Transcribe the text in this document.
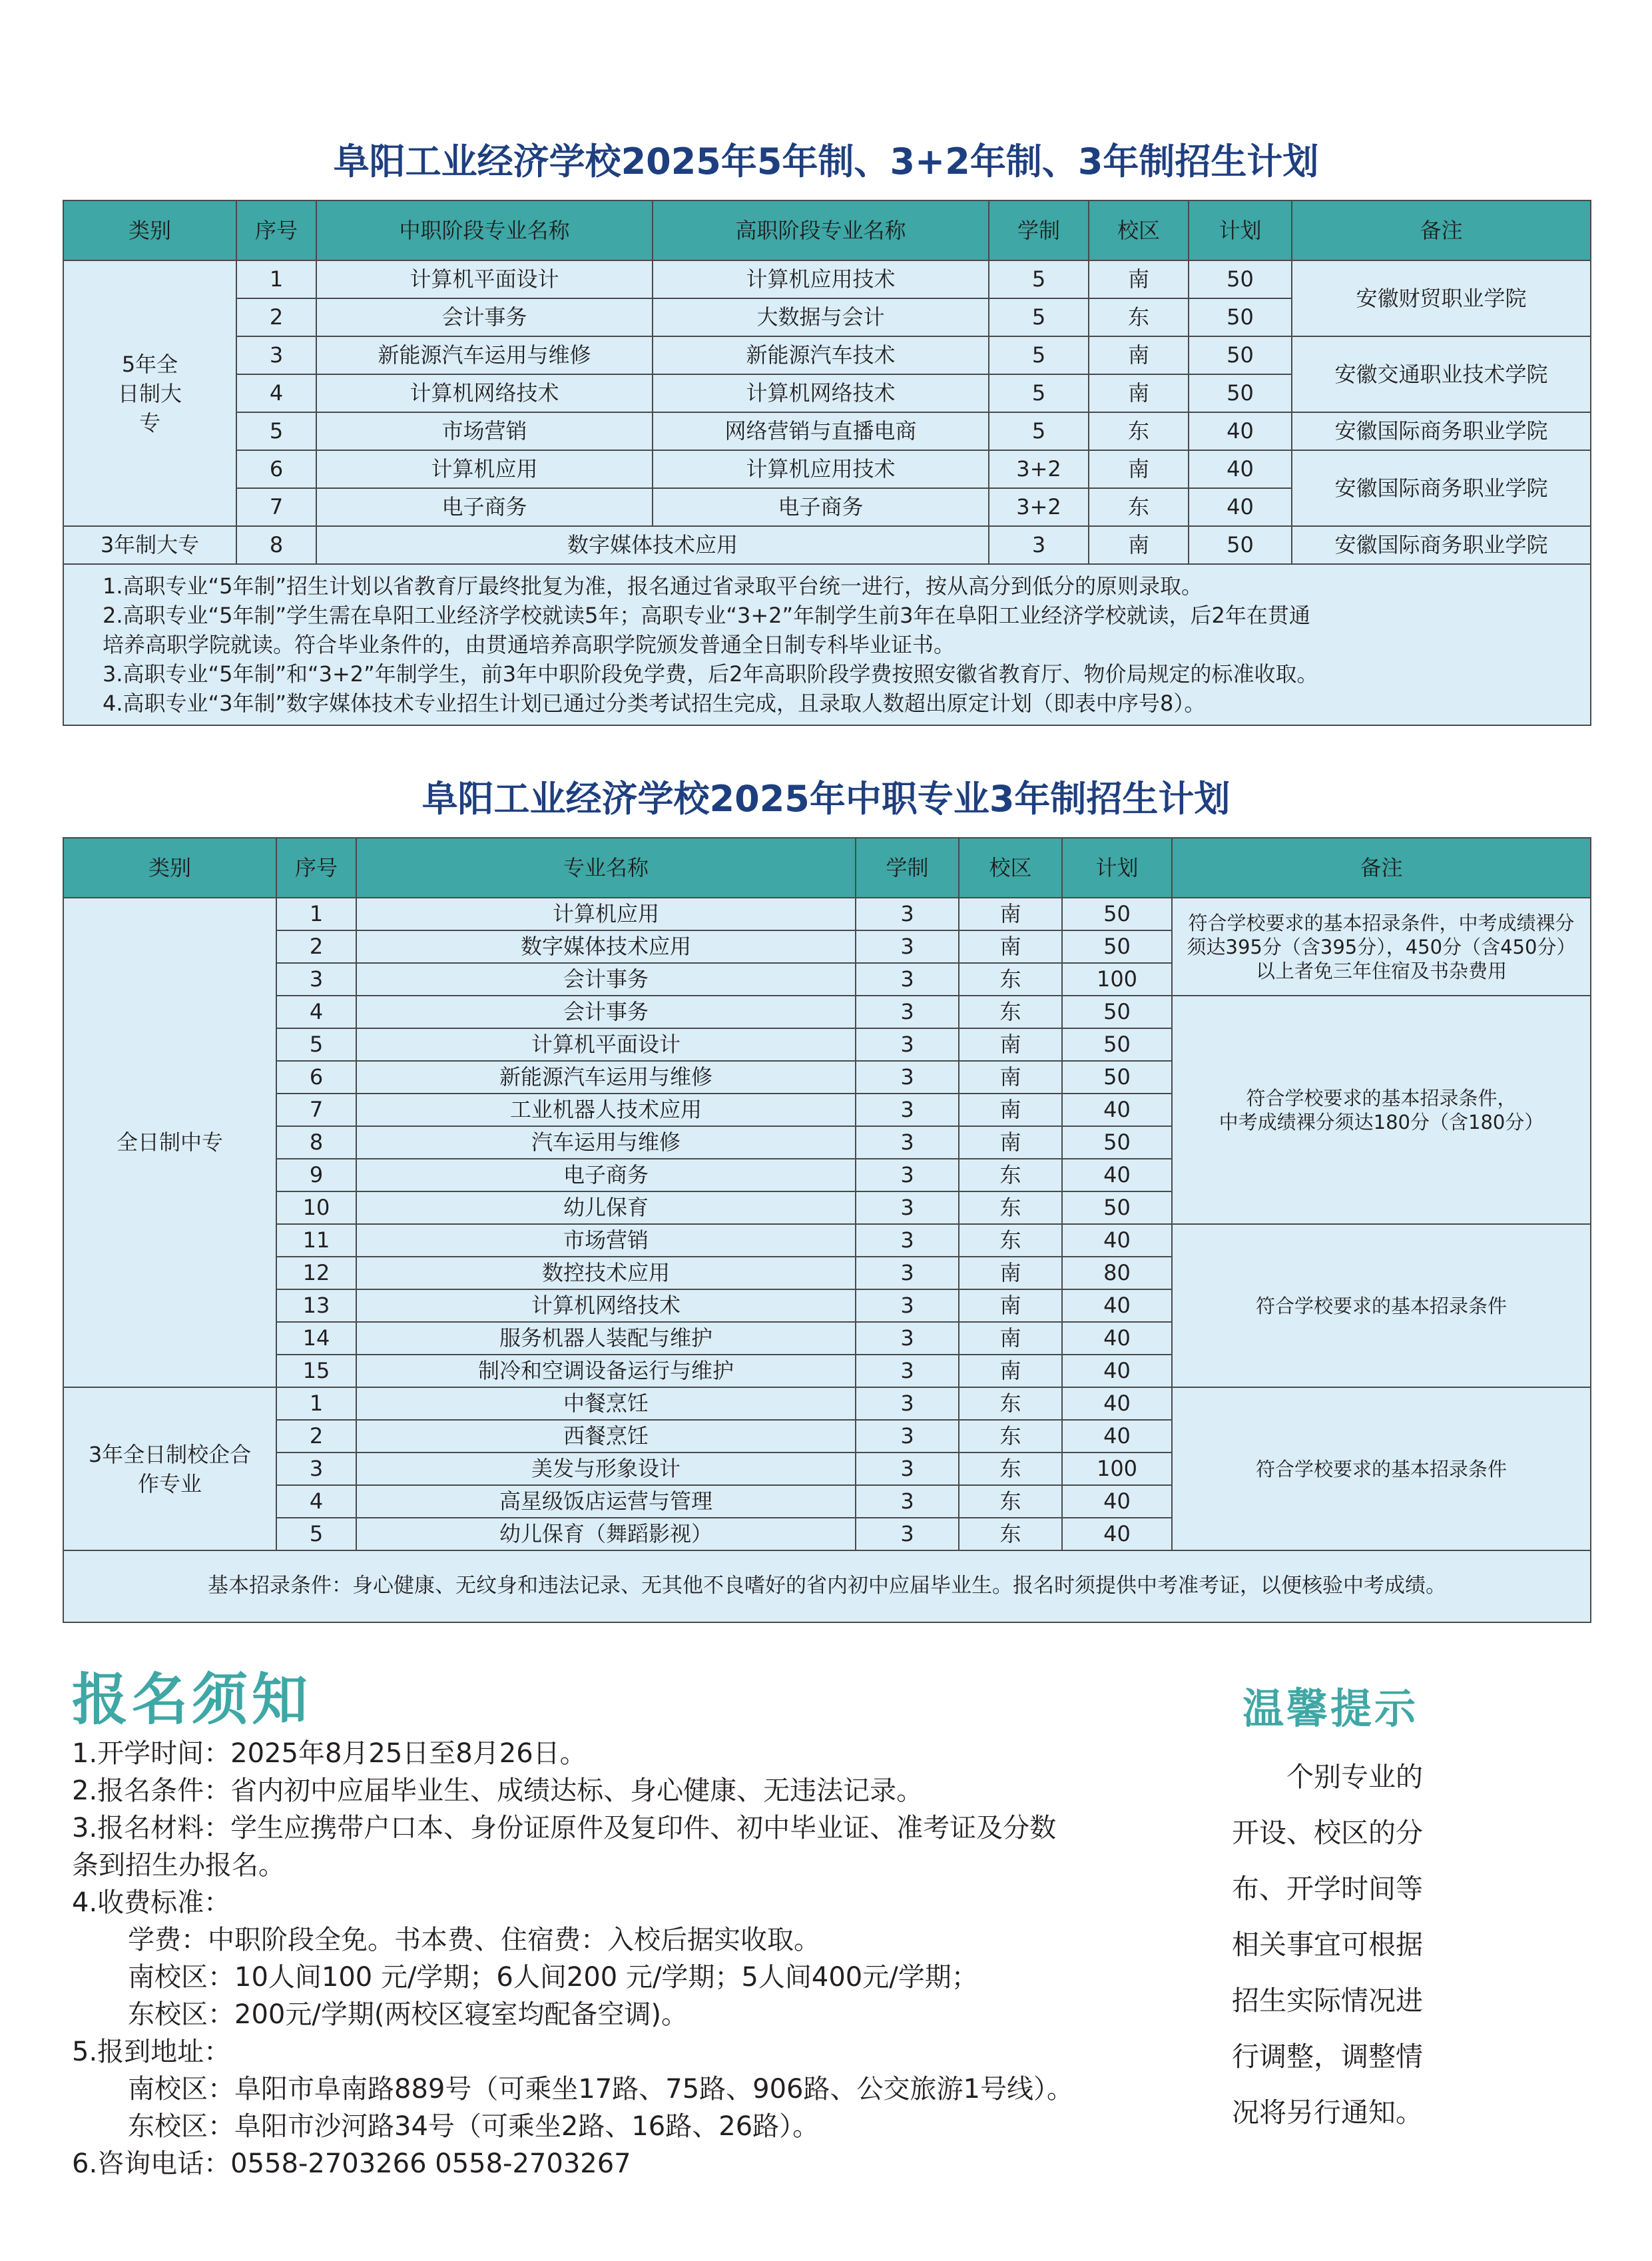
阜阳工业经济学校2025年5年制、3+2年制、3年制招生计划
类别	序号	中职阶段专业名称	高职阶段专业名称	学制	校区	计划	备注
5年全日制大专	1	计算机平面设计	计算机应用技术	5	南	50	安徽财贸职业学院
	2	会计事务	大数据与会计	5	东	50	
	3	新能源汽车运用与维修	新能源汽车技术	5	南	50	安徽交通职业技术学院
	4	计算机网络技术	计算机网络技术	5	南	50	
	5	市场营销	网络营销与直播电商	5	东	40	安徽国际商务职业学院
	6	计算机应用	计算机应用技术	3+2	南	40	安徽国际商务职业学院
	7	电子商务	电子商务	3+2	东	40	
3年制大专	8	数字媒体技术应用		3	南	50	安徽国际商务职业学院

1.高职专业“5年制”招生计划以省教育厅最终批复为准，报名通过省录取平台统一进行，按从高分到低分的原则录取。
2.高职专业“5年制”学生需在阜阳工业经济学校就读5年；高职专业“3+2”年制学生前3年在阜阳工业经济学校就读，后2年在贯通
培养高职学院就读。符合毕业条件的，由贯通培养高职学院颁发普通全日制专科毕业证书。
3.高职专业“5年制”和“3+2”年制学生，前3年中职阶段免学费，后2年高职阶段学费按照安徽省教育厅、物价局规定的标准收取。
4.高职专业“3年制”数字媒体技术专业招生计划已通过分类考试招生完成，且录取人数超出原定计划（即表中序号8）。							
阜阳工业经济学校2025年中职专业3年制招生计划
类别	序号	专业名称	学制	校区	计划	备注
全日制中专	1	计算机应用	3	南	50	符合学校要求的基本招录条件，中考成绩裸分
须达395分（含395分），450分（含450分）
以上者免三年住宿及书杂费用

	2	数字媒体技术应用	3	南	50	
	3	会计事务	3	东	100	
	4	会计事务	3	东	50	符合学校要求的基本招录条件，
中考成绩裸分须达180分（含180分）

	5	计算机平面设计	3	南	50	
	6	新能源汽车运用与维修	3	南	50	
	7	工业机器人技术应用	3	南	40	
	8	汽车运用与维修	3	南	50	
	9	电子商务	3	东	40	
	10	幼儿保育	3	东	50	
	11	市场营销	3	东	40	符合学校要求的基本招录条件
	12	数控技术应用	3	南	80	
	13	计算机网络技术	3	南	40	
	14	服务机器人装配与维护	3	南	40	
	15	制冷和空调设备运行与维护	3	南	40	
3年全日制校企合作专业	1	中餐烹饪	3	东	40	符合学校要求的基本招录条件
	2	西餐烹饪	3	东	40	
	3	美发与形象设计	3	东	100	
	4	高星级饭店运营与管理	3	东	40	
	5	幼儿保育（舞蹈影视）	3	东	40	
基本招录条件：身心健康、无纹身和违法记录、无其他不良嗜好的省内初中应届毕业生。报名时须提供中考准考证，以便核验中考成绩。						
报名须知
1.开学时间：2025年8月25日至8月26日。
2.报名条件：省内初中应届毕业生、成绩达标、身心健康、无违法记录。
3.报名材料：学生应携带户口本、身份证原件及复印件、初中毕业证、准考证及分数
条到招生办报名。
4.收费标准：
学费：中职阶段全免。书本费、住宿费：入校后据实收取。
南校区：10人间100 元/学期；6人间200 元/学期；5人间400元/学期；
东校区：200元/学期(两校区寝室均配备空调)。
5.报到地址：
南校区：阜阳市阜南路889号（可乘坐17路、75路、906路、公交旅游1号线）。
东校区：阜阳市沙河路34号（可乘坐2路、16路、26路）。
6.咨询电话：0558-2703266 0558-2703267
温馨提示
个别专业的
开设、校区的分
布、开学时间等
相关事宜可根据
招生实际情况进
行调整，调整情
况将另行通知。
